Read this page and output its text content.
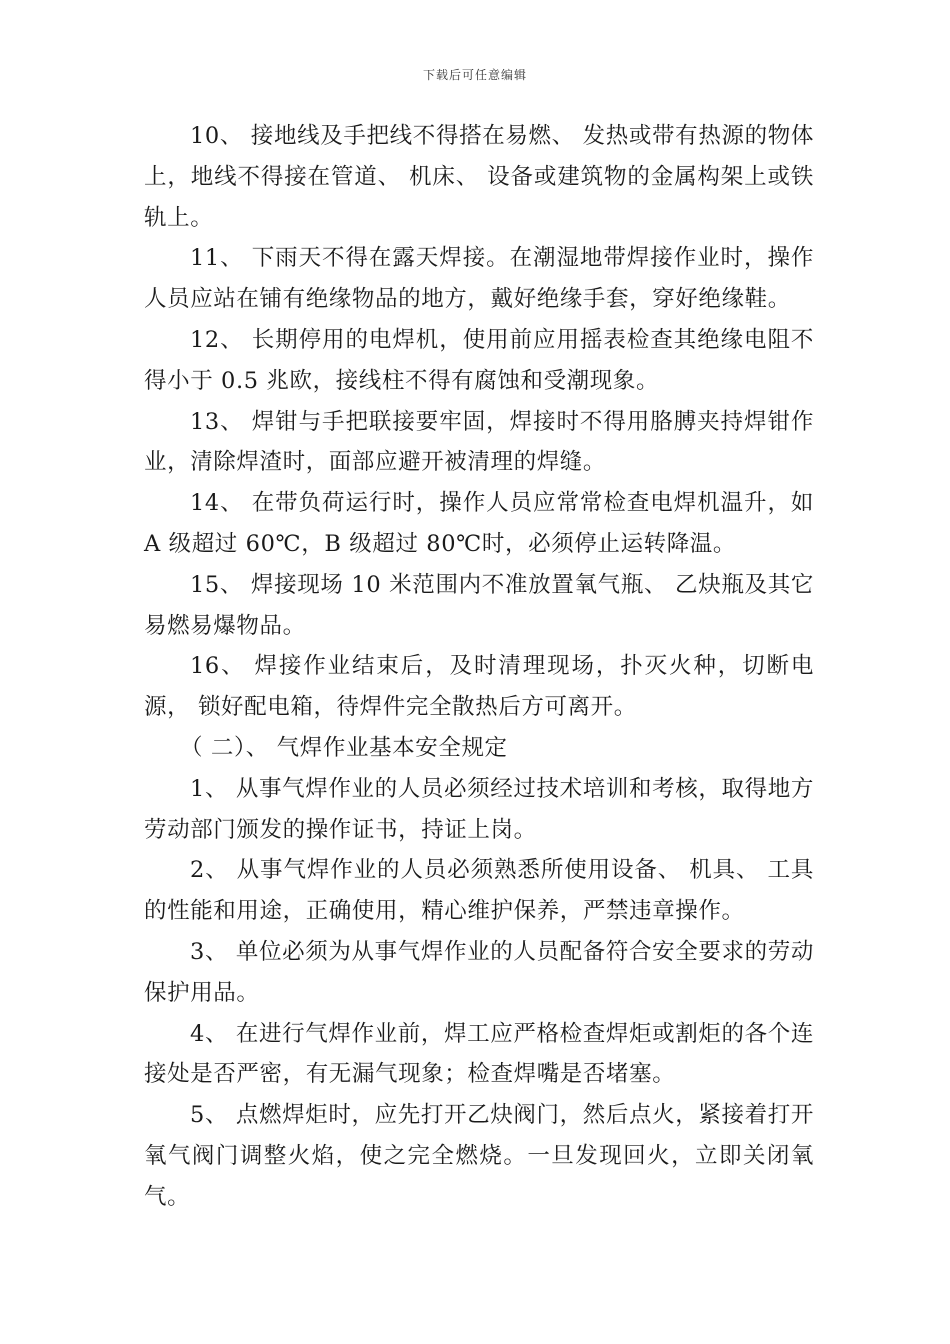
下载后可任意编辑

10、 接地线及手把线不得搭在易燃、 发热或带有热源的物体上，地线不得接在管道、 机床、 设备或建筑物的金属构架上或铁轨上。

11、 下雨天不得在露天焊接。在潮湿地带焊接作业时，操作人员应站在铺有绝缘物品的地方，戴好绝缘手套，穿好绝缘鞋。

12、 长期停用的电焊机，使用前应用摇表检查其绝缘电阻不得小于 0.5 兆欧，接线柱不得有腐蚀和受潮现象。

13、 焊钳与手把联接要牢固，焊接时不得用胳膊夹持焊钳作业，清除焊渣时，面部应避开被清理的焊缝。

14、 在带负荷运行时，操作人员应常常检查电焊机温升，如 A 级超过 60℃，B 级超过 80℃时，必须停止运转降温。

15、 焊接现场 10 米范围内不准放置氧气瓶、 乙炔瓶及其它易燃易爆物品。

16、 焊接作业结束后，及时清理现场，扑灭火种，切断电源， 锁好配电箱，待焊件完全散热后方可离开。

（ 二）、 气焊作业基本安全规定

1、 从事气焊作业的人员必须经过技术培训和考核，取得地方劳动部门颁发的操作证书，持证上岗。

2、 从事气焊作业的人员必须熟悉所使用设备、 机具、 工具的性能和用途，正确使用，精心维护保养，严禁违章操作。

3、 单位必须为从事气焊作业的人员配备符合安全要求的劳动保护用品。

4、 在进行气焊作业前，焊工应严格检查焊炬或割炬的各个连接处是否严密，有无漏气现象；检查焊嘴是否堵塞。

5、 点燃焊炬时，应先打开乙炔阀门，然后点火，紧接着打开氧气阀门调整火焰，使之完全燃烧。一旦发现回火，立即关闭氧气。
